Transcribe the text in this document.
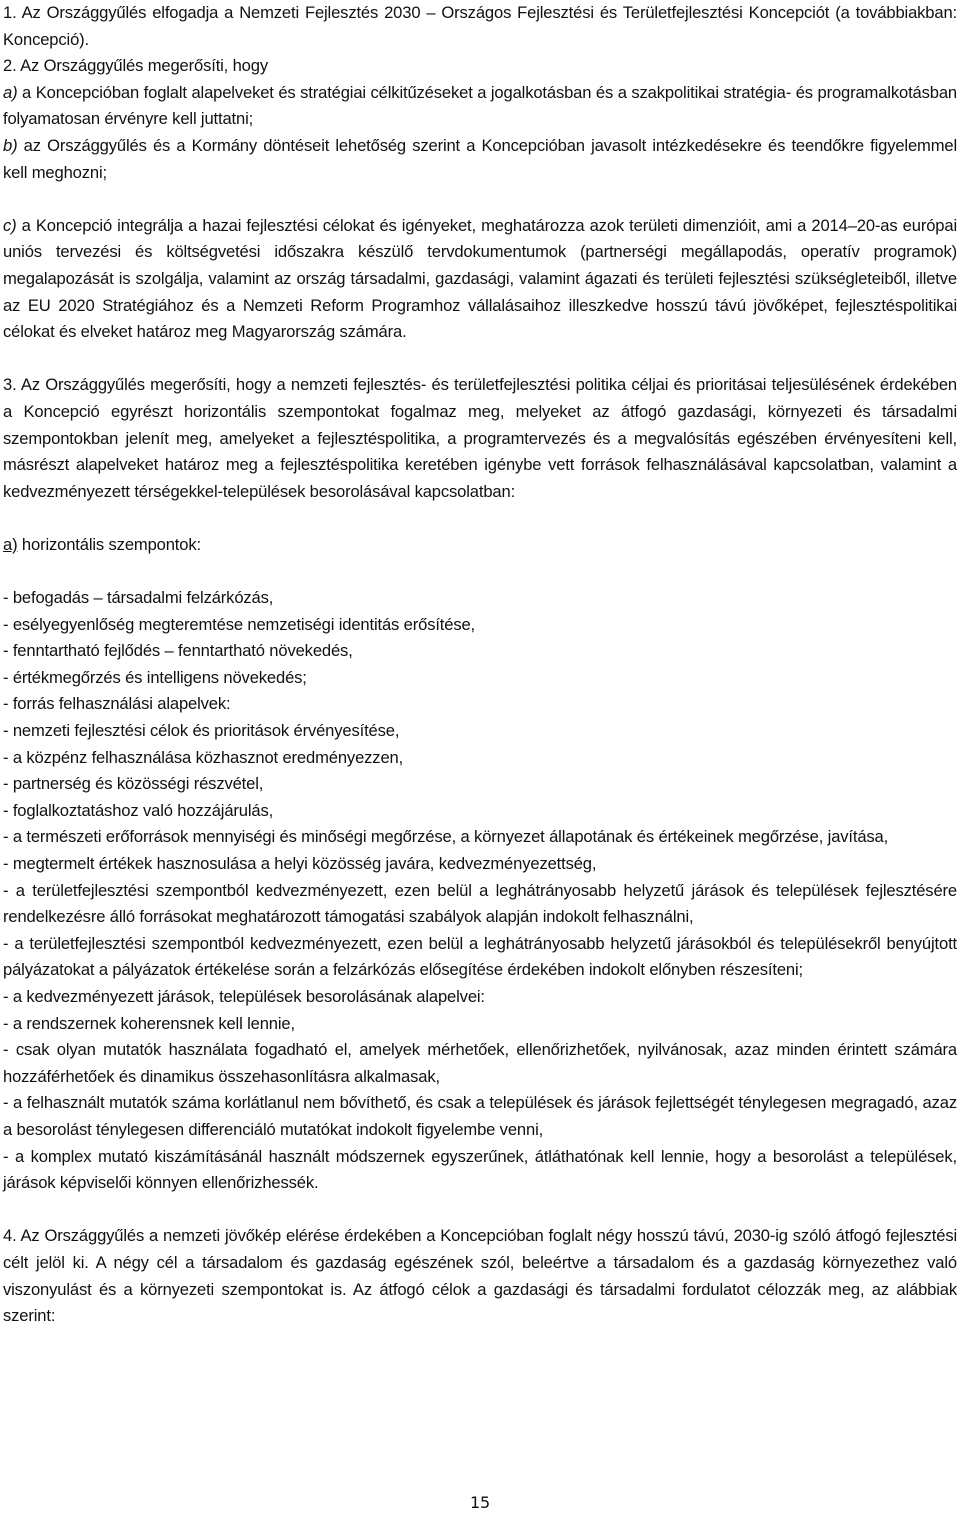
1. Az Országgyűlés elfogadja a Nemzeti Fejlesztés 2030 – Országos Fejlesztési és Területfejlesztési Koncepciót (a továbbiakban: Koncepció).

2. Az Országgyűlés megerősíti, hogy

a) a Koncepcióban foglalt alapelveket és stratégiai célkitűzéseket a jogalkotásban és a szakpolitikai stratégia- és programalkotásban folyamatosan érvényre kell juttatni;

b) az Országgyűlés és a Kormány döntéseit lehetőség szerint a Koncepcióban javasolt intézkedésekre és teendőkre figyelemmel kell meghozni;

c) a Koncepció integrálja a hazai fejlesztési célokat és igényeket, meghatározza azok területi dimenzióit, ami a 2014–20-as európai uniós tervezési és költségvetési időszakra készülő tervdokumentumok (partnerségi megállapodás, operatív programok) megalapozását is szolgálja, valamint az ország társadalmi, gazdasági, valamint ágazati és területi fejlesztési szükségleteiből, illetve az EU 2020 Stratégiához és a Nemzeti Reform Programhoz vállalásaihoz illeszkedve hosszú távú jövőképet, fejlesztéspolitikai célokat és elveket határoz meg Magyarország számára.

3. Az Országgyűlés megerősíti, hogy a nemzeti fejlesztés- és területfejlesztési politika céljai és prioritásai teljesülésének érdekében a Koncepció egyrészt horizontális szempontokat fogalmaz meg, melyeket az átfogó gazdasági, környezeti és társadalmi szempontokban jelenít meg, amelyeket a fejlesztéspolitika, a programtervezés és a megvalósítás egészében érvényesíteni kell, másrészt alapelveket határoz meg a fejlesztéspolitika keretében igénybe vett források felhasználásával kapcsolatban, valamint a kedvezményezett térségekkel-települések besorolásával kapcsolatban:

a) horizontális szempontok:

- befogadás – társadalmi felzárkózás,

- esélyegyenlőség megteremtése nemzetiségi identitás erősítése,

- fenntartható fejlődés – fenntartható növekedés,

- értékmegőrzés és intelligens növekedés;

- forrás felhasználási alapelvek:

- nemzeti fejlesztési célok és prioritások érvényesítése,

- a közpénz felhasználása közhasznot eredményezzen,

- partnerség és közösségi részvétel,

- foglalkoztatáshoz való hozzájárulás,

- a természeti erőforrások mennyiségi és minőségi megőrzése, a környezet állapotának és értékeinek megőrzése, javítása,

- megtermelt értékek hasznosulása a helyi közösség javára, kedvezményezettség,

- a területfejlesztési szempontból kedvezményezett, ezen belül a leghátrányosabb helyzetű járások és települések fejlesztésére rendelkezésre álló forrásokat meghatározott támogatási szabályok alapján indokolt felhasználni,

- a területfejlesztési szempontból kedvezményezett, ezen belül a leghátrányosabb helyzetű járásokból és településekről benyújtott pályázatokat a pályázatok értékelése során a felzárkózás elősegítése érdekében indokolt előnyben részesíteni;

- a kedvezményezett járások, települések besorolásának alapelvei:

- a rendszernek koherensnek kell lennie,

- csak olyan mutatók használata fogadható el, amelyek mérhetőek, ellenőrizhetőek, nyilvánosak, azaz minden érintett számára hozzáférhetőek és dinamikus összehasonlításra alkalmasak,

- a felhasznált mutatók száma korlátlanul nem bővíthető, és csak a települések és járások fejlettségét ténylegesen megragadó, azaz a besorolást ténylegesen differenciáló mutatókat indokolt figyelembe venni,

- a komplex mutató kiszámításánál használt módszernek egyszerűnek, átláthatónak kell lennie, hogy a besorolást a települések, járások képviselői könnyen ellenőrizhessék.

4. Az Országgyűlés a nemzeti jövőkép elérése érdekében a Koncepcióban foglalt négy hosszú távú, 2030-ig szóló átfogó fejlesztési célt jelöl ki. A négy cél a társadalom és gazdaság egészének szól, beleértve a társadalom és a gazdaság környezethez való viszonyulást és a környezeti szempontokat is. Az átfogó célok a gazdasági és társadalmi fordulatot célozzák meg, az alábbiak szerint:

15
